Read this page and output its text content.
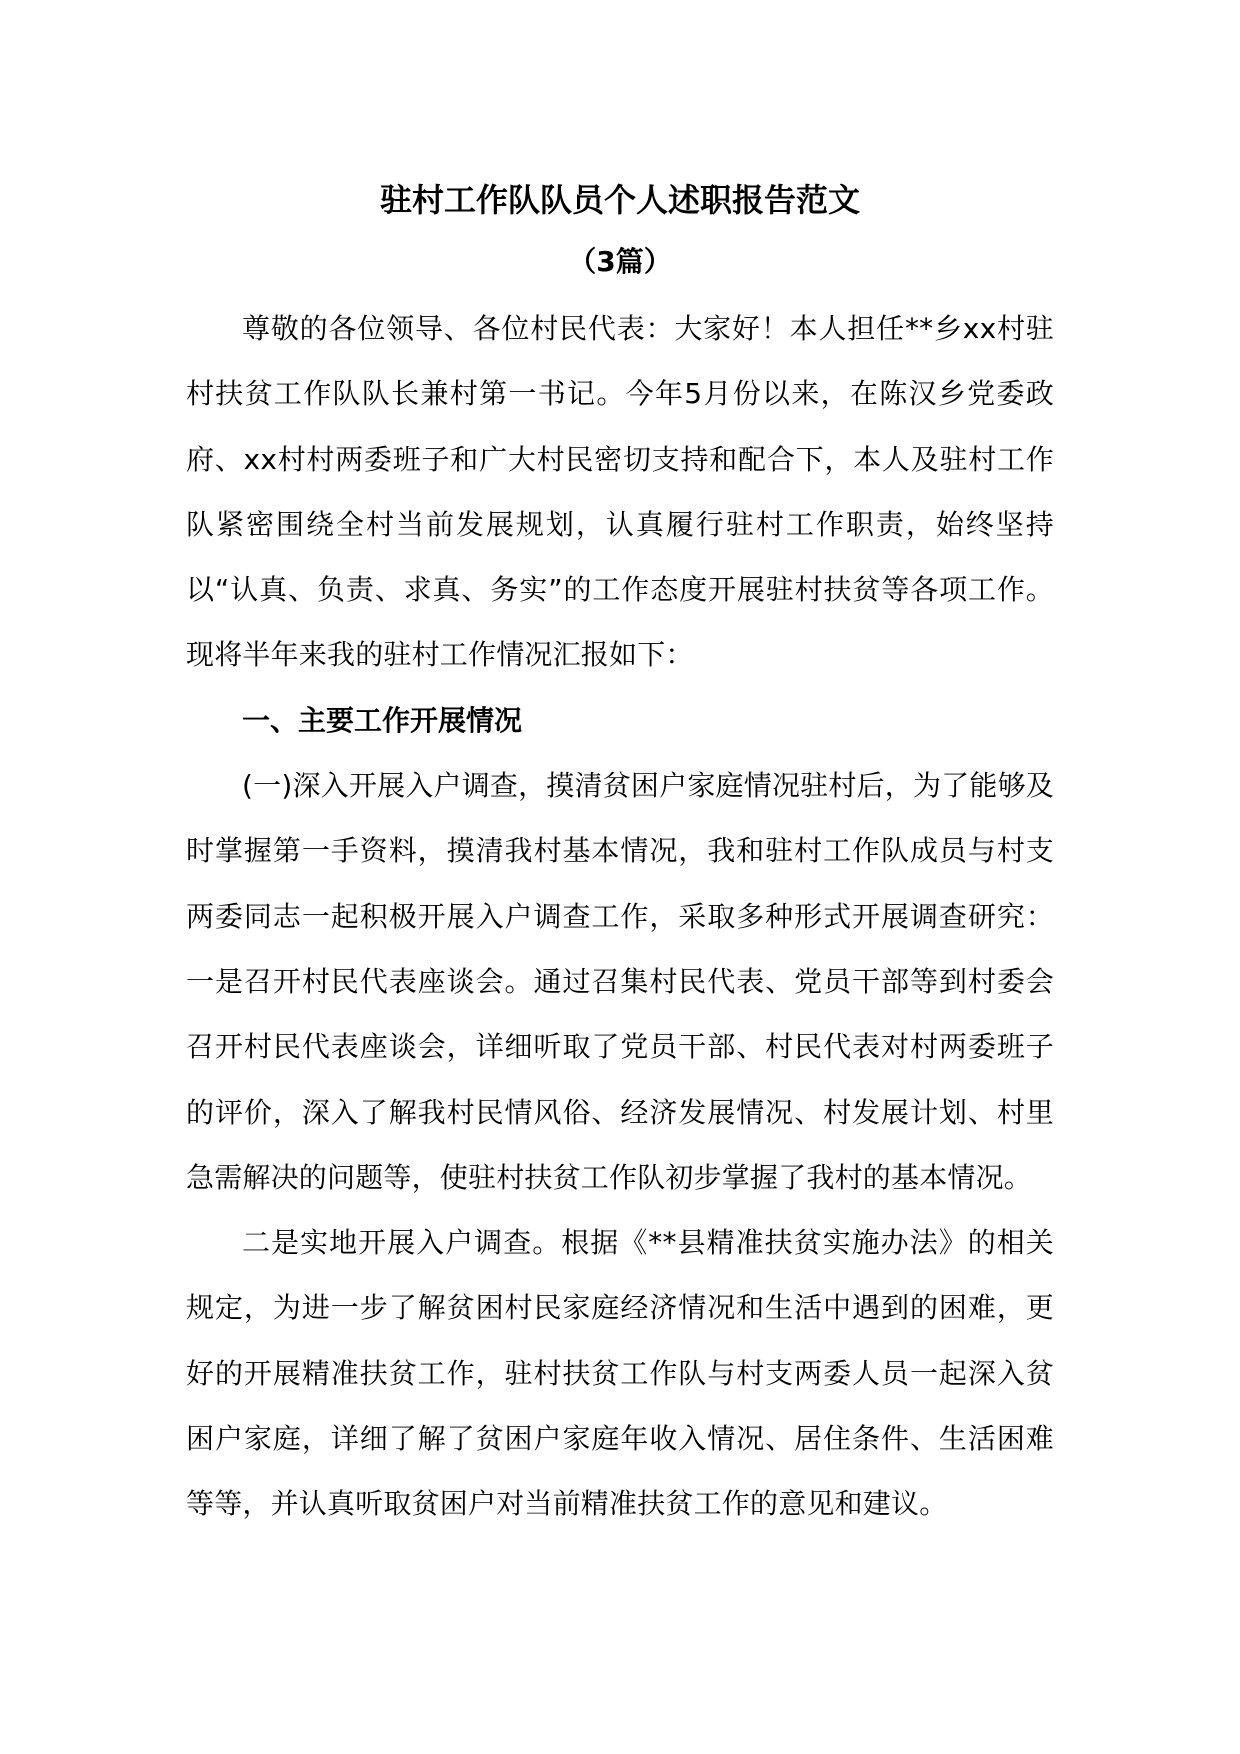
驻村工作队队员个人述职报告范文
（3篇）

尊敬的各位领导、各位村民代表：大家好！本人担任**乡xx村驻村扶贫工作队队长兼村第一书记。今年5月份以来，在陈汉乡党委政府、xx村村两委班子和广大村民密切支持和配合下，本人及驻村工作队紧密围绕全村当前发展规划，认真履行驻村工作职责，始终坚持以“认真、负责、求真、务实”的工作态度开展驻村扶贫等各项工作。现将半年来我的驻村工作情况汇报如下：

一、主要工作开展情况

(一)深入开展入户调查，摸清贫困户家庭情况驻村后，为了能够及时掌握第一手资料，摸清我村基本情况，我和驻村工作队成员与村支两委同志一起积极开展入户调查工作，采取多种形式开展调查研究：一是召开村民代表座谈会。通过召集村民代表、党员干部等到村委会召开村民代表座谈会，详细听取了党员干部、村民代表对村两委班子的评价，深入了解我村民情风俗、经济发展情况、村发展计划、村里急需解决的问题等，使驻村扶贫工作队初步掌握了我村的基本情况。

二是实地开展入户调查。根据《**县精准扶贫实施办法》的相关规定，为进一步了解贫困村民家庭经济情况和生活中遇到的困难，更好的开展精准扶贫工作，驻村扶贫工作队与村支两委人员一起深入贫困户家庭，详细了解了贫困户家庭年收入情况、居住条件、生活困难等等，并认真听取贫困户对当前精准扶贫工作的意见和建议。
